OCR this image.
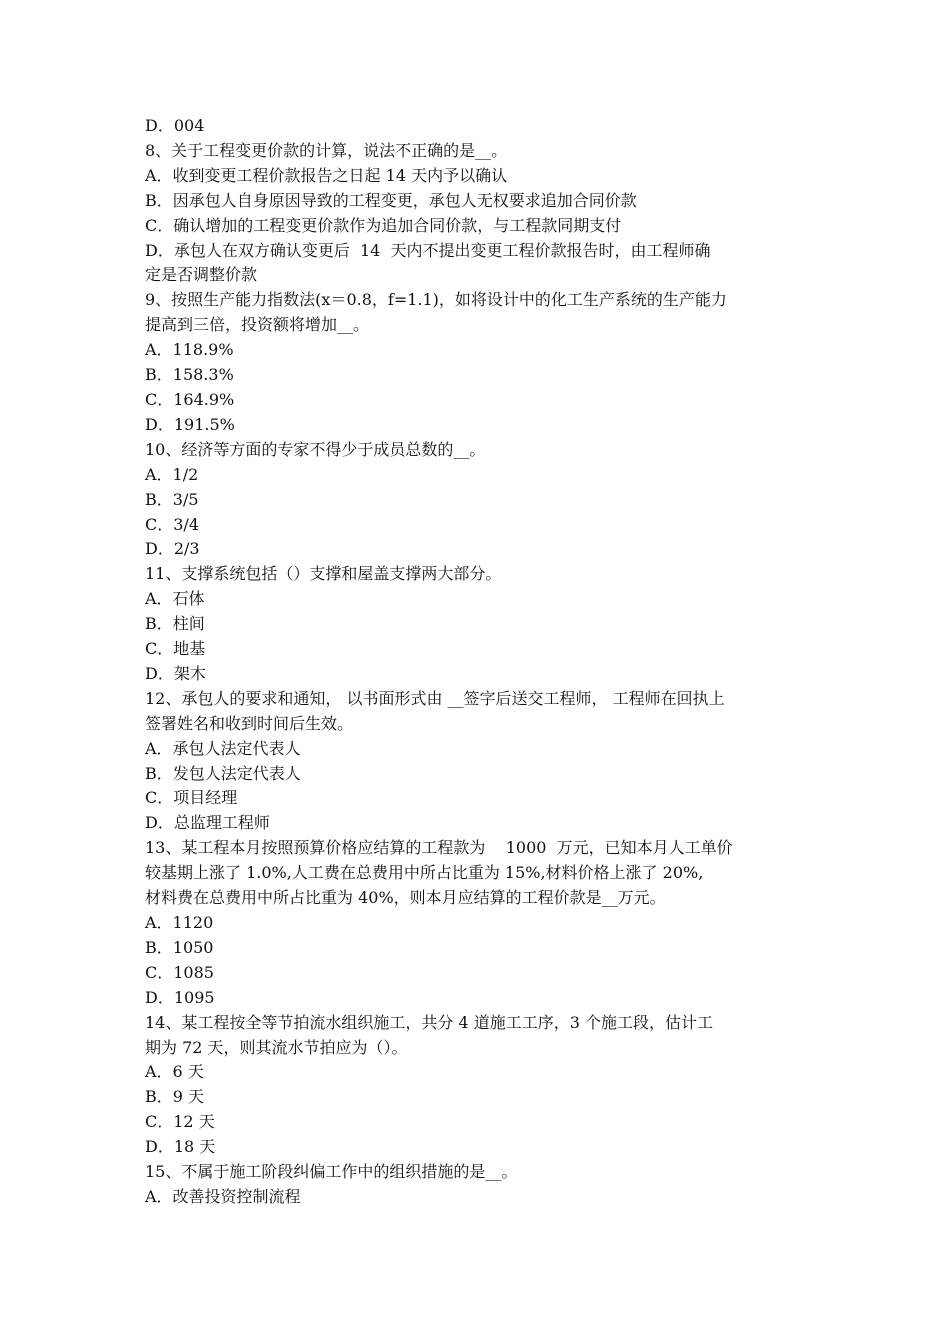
D．004

8、关于工程变更价款的计算，说法不正确的是__。

A．收到变更工程价款报告之日起 14 天内予以确认

B．因承包人自身原因导致的工程变更，承包人无权要求追加合同价款

C．确认增加的工程变更价款作为追加合同价款，与工程款同期支付

D．承包人在双方确认变更后  14  天内不提出变更工程价款报告时，由工程师确

定是否调整价款

9、按照生产能力指数法(x＝0.8，f=1.1)，如将设计中的化工生产系统的生产能力

提高到三倍，投资额将增加__。

A．118.9%

B．158.3%

C．164.9%

D．191.5%

10、经济等方面的专家不得少于成员总数的__。

A．1/2

B．3/5

C．3/4

D．2/3

11、支撑系统包括（）支撑和屋盖支撑两大部分。

A．石体

B．柱间

C．地基

D．架木

12、承包人的要求和通知， 以书面形式由 __签字后送交工程师， 工程师在回执上

签署姓名和收到时间后生效。

A．承包人法定代表人

B．发包人法定代表人

C．项目经理

D．总监理工程师

13、某工程本月按照预算价格应结算的工程款为    1000  万元，已知本月人工单价

较基期上涨了 1.0%,人工费在总费用中所占比重为 15%,材料价格上涨了 20%,

材料费在总费用中所占比重为 40%，则本月应结算的工程价款是__万元。

A．1120

B．1050

C．1085

D．1095

14、某工程按全等节拍流水组织施工，共分 4 道施工工序，3 个施工段，估计工

期为 72 天，则其流水节拍应为（）。

A．6 天

B．9 天

C．12 天

D．18 天

15、不属于施工阶段纠偏工作中的组织措施的是__。

A．改善投资控制流程
